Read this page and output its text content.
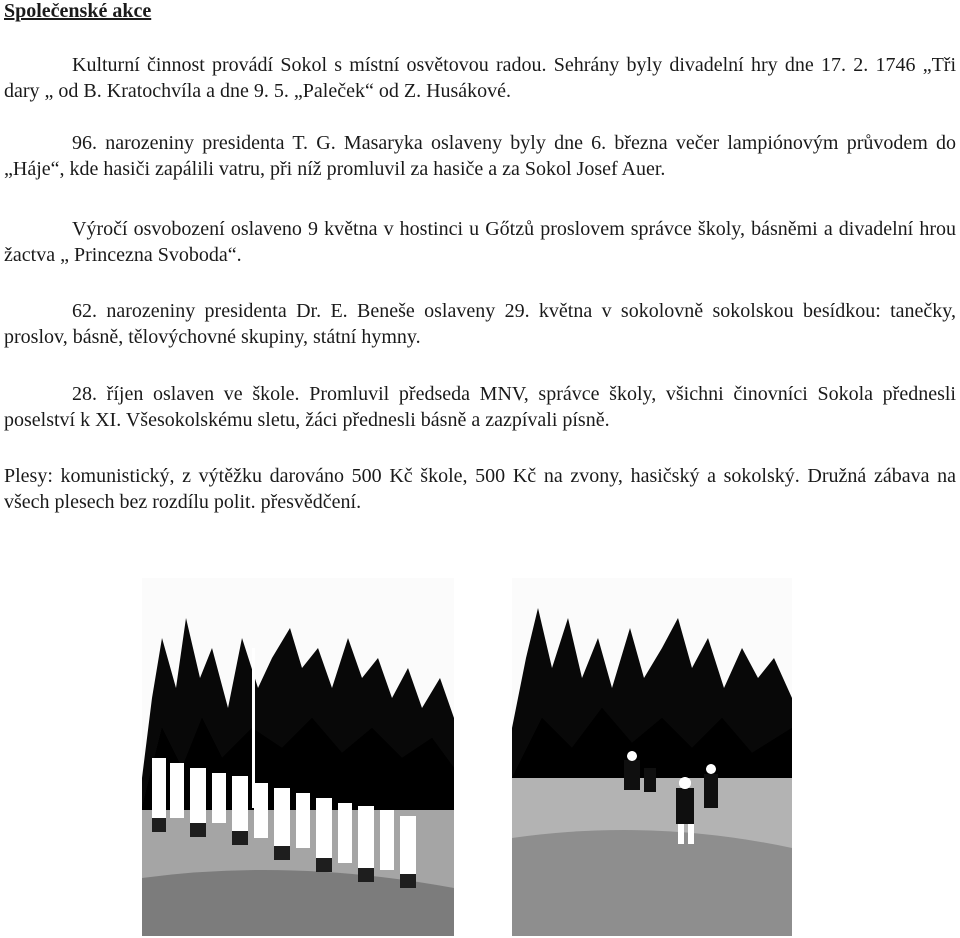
Společenské akce

Kulturní činnost provádí Sokol s místní osvětovou radou. Sehrány byly divadelní hry dne 17. 2. 1746 „Tři dary „ od B. Kratochvíla a dne 9. 5. „Paleček“ od Z. Husákové.

96. narozeniny presidenta T. G. Masaryka oslaveny byly dne 6. března večer lampiónovým průvodem do „Háje“, kde hasiči zapálili vatru, při níž promluvil za hasiče a za Sokol Josef Auer.

Výročí osvobození oslaveno 9 května v hostinci u Gőtzů proslovem správce školy, básněmi a divadelní hrou žactva „ Princezna Svoboda“.

62. narozeniny presidenta Dr. E. Beneše oslaveny 29. května v sokolovně sokolskou besídkou: tanečky, proslov, básně, tělovýchovné skupiny, státní hymny.

28. říjen oslaven ve škole. Promluvil předseda MNV, správce školy, všichni činovníci Sokola přednesli poselství k XI. Všesokolskému sletu, žáci přednesli básně a zazpívali písně.

Plesy: komunistický, z výtěžku darováno 500 Kč škole, 500 Kč na zvony, hasičský a sokolský. Družná zábava na všech plesech bez rozdílu polit. přesvědčení.
